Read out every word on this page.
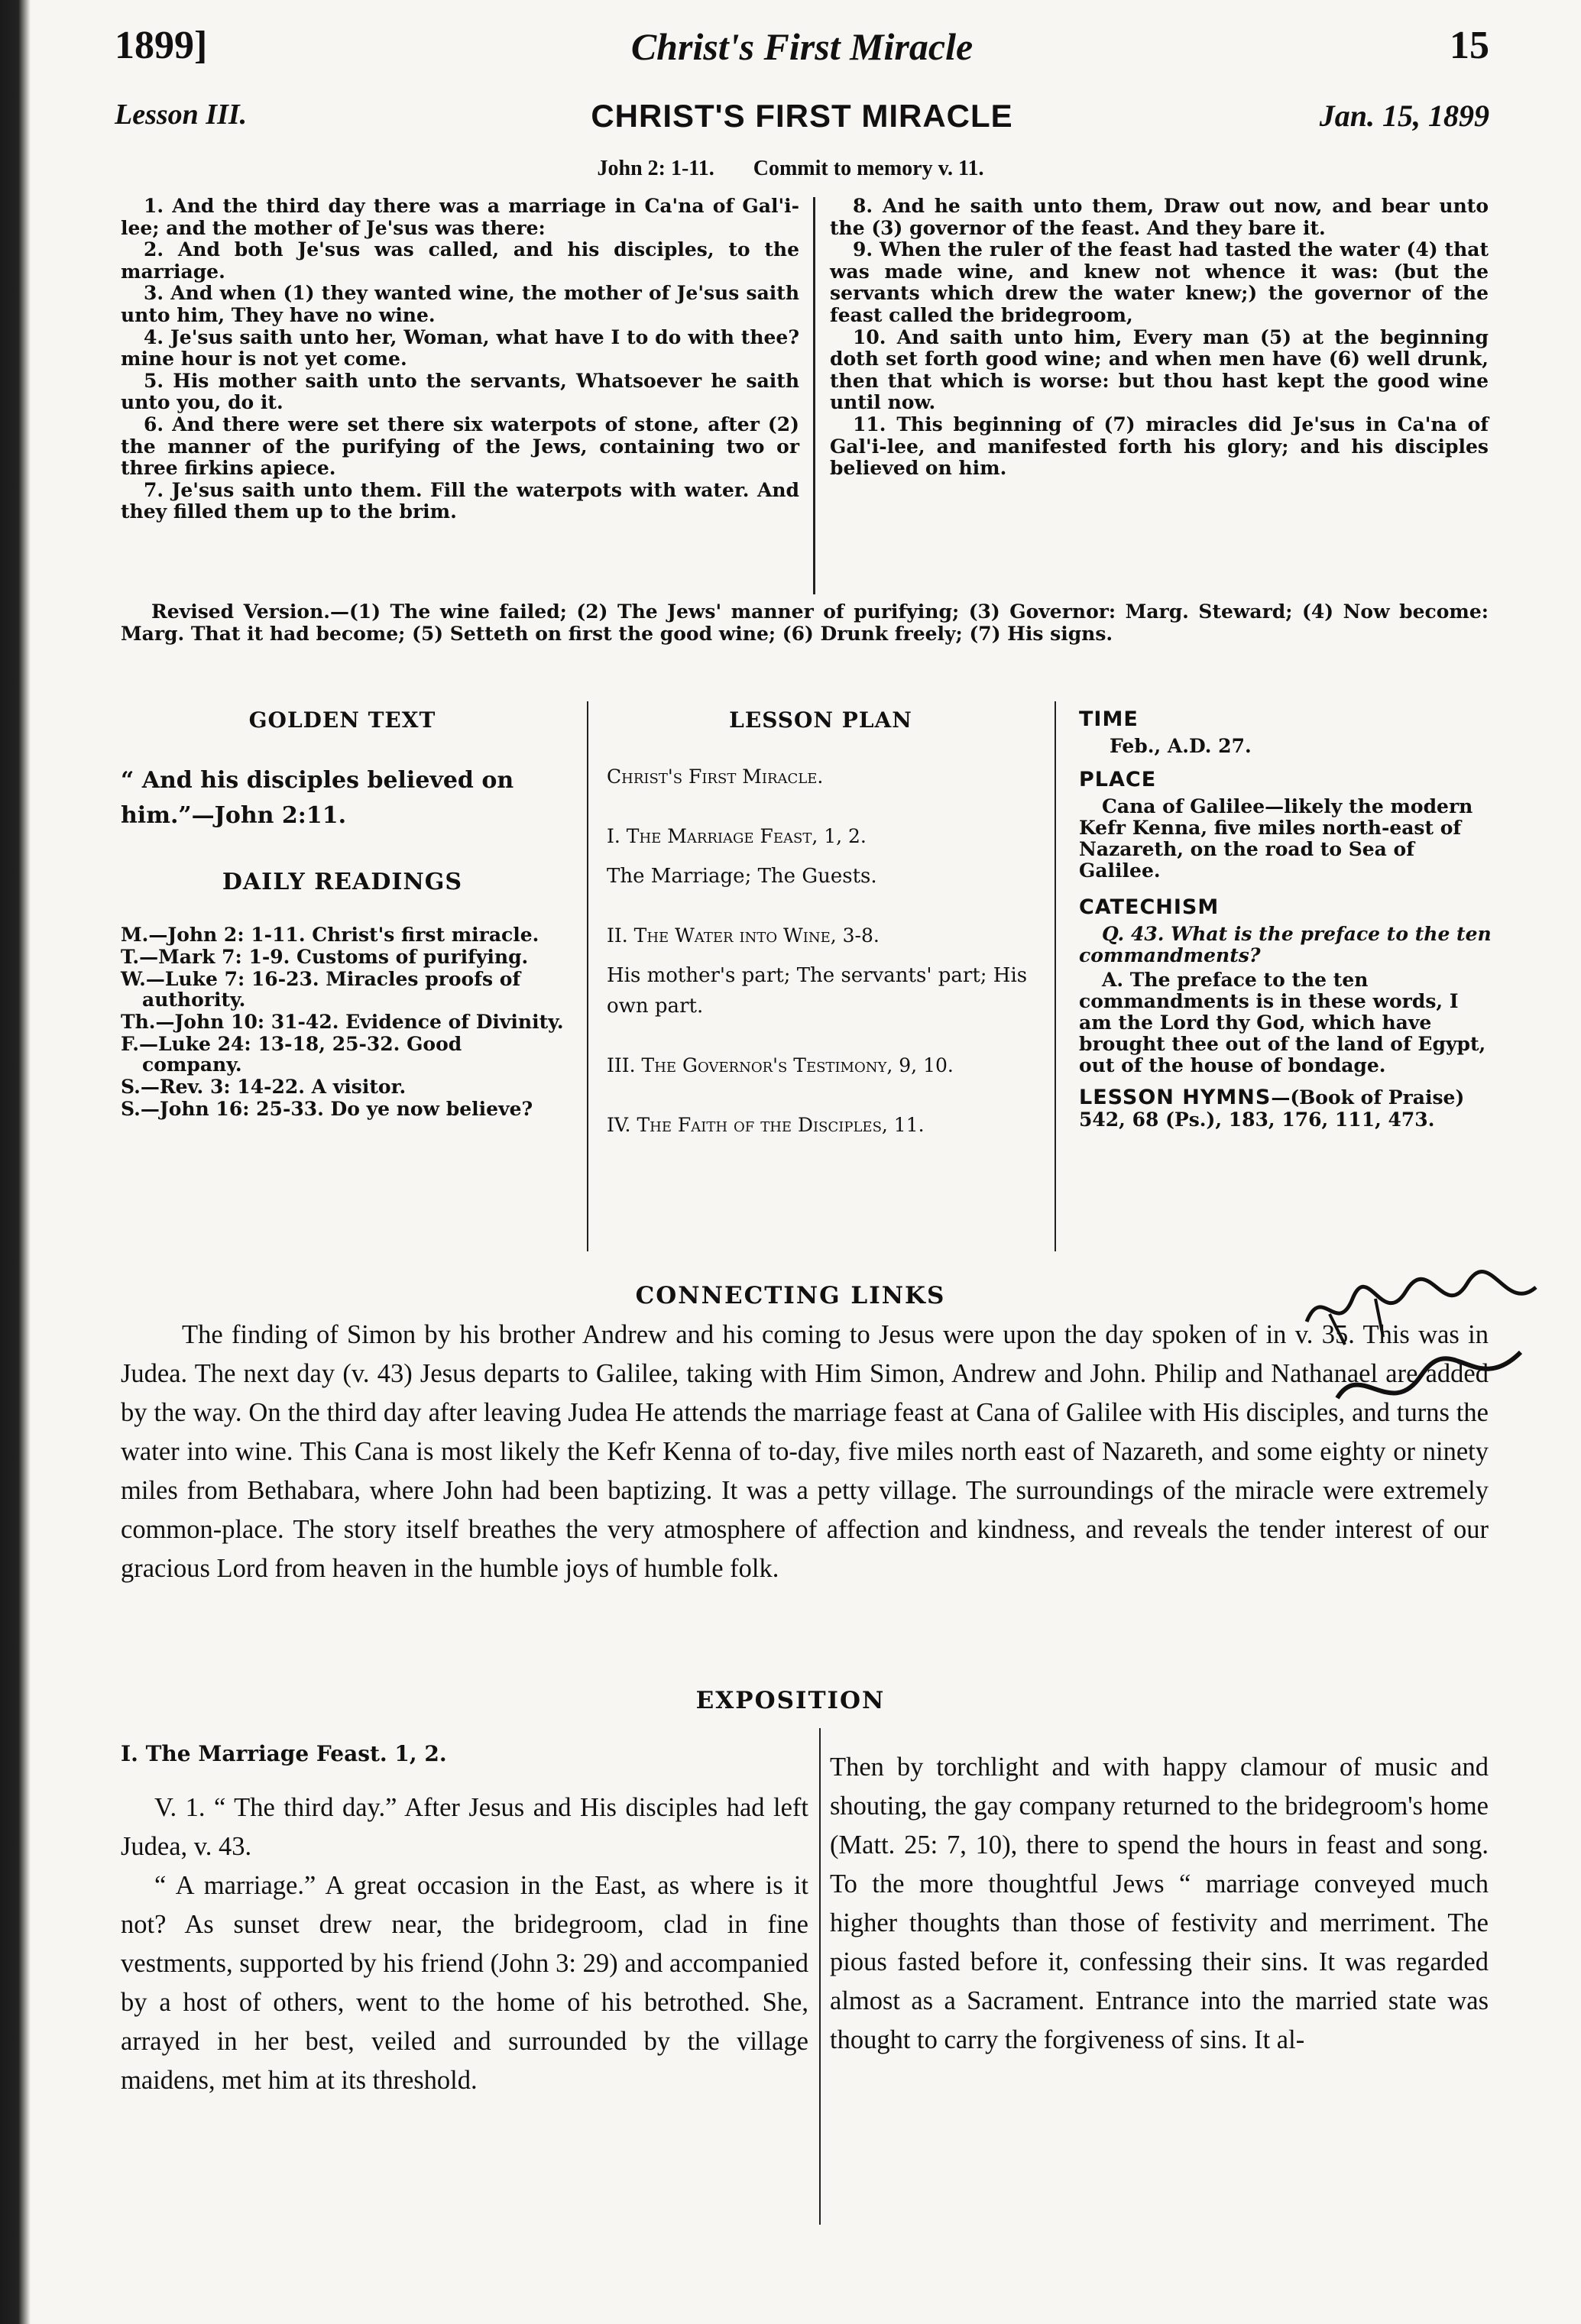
1899]	Christ's First Miracle	15
Lesson III.	CHRIST'S FIRST MIRACLE	Jan. 15, 1899
John 2: 1-11. Commit to memory v. 11.

1. And the third day there was a marriage in Ca'na of Gal'i-lee; and the mother of Je'sus was there:

2. And both Je'sus was called, and his disciples, to the marriage.

3. And when (1) they wanted wine, the mother of Je'sus saith unto him, They have no wine.

4. Je'sus saith unto her, Woman, what have I to do with thee? mine hour is not yet come.

5. His mother saith unto the servants, Whatsoever he saith unto you, do it.

6. And there were set there six waterpots of stone, after (2) the manner of the purifying of the Jews, containing two or three firkins apiece.

7. Je'sus saith unto them. Fill the waterpots with water. And they filled them up to the brim.

8. And he saith unto them, Draw out now, and bear unto the (3) governor of the feast. And they bare it.

9. When the ruler of the feast had tasted the water (4) that was made wine, and knew not whence it was: (but the servants which drew the water knew;) the governor of the feast called the bridegroom,

10. And saith unto him, Every man (5) at the beginning doth set forth good wine; and when men have (6) well drunk, then that which is worse: but thou hast kept the good wine until now.

11. This beginning of (7) miracles did Je'sus in Ca'na of Gal'i-lee, and manifested forth his glory; and his disciples believed on him.

Revised Version.—(1) The wine failed; (2) The Jews' manner of purifying; (3) Governor: Marg. Steward; (4) Now become: Marg. That it had become; (5) Setteth on first the good wine; (6) Drunk freely; (7) His signs.
GOLDEN TEXT
“ And his disciples believed on him.”—John 2:11.
DAILY READINGS
M.—John 2: 1-11. Christ's first miracle.
T.—Mark 7: 1-9. Customs of purifying.
W.—Luke 7: 16-23. Miracles proofs of authority.
Th.—John 10: 31-42. Evidence of Divinity.
F.—Luke 24: 13-18, 25-32. Good company.
S.—Rev. 3: 14-22. A visitor.
S.—John 16: 25-33. Do ye now believe?
LESSON PLAN
Christ's First Miracle.
I. The Marriage Feast, 1, 2.
The Marriage; The Guests.
II. The Water into Wine, 3-8.
His mother's part; The servants' part; His own part.
III. The Governor's Testimony, 9, 10.
IV. The Faith of the Disciples, 11.
TIME
Feb., A.D. 27.
PLACE
Cana of Galilee—likely the modern Kefr Kenna, five miles north-east of Nazareth, on the road to Sea of Galilee.
CATECHISM
Q. 43. What is the preface to the ten commandments?
A. The preface to the ten commandments is in these words, I am the Lord thy God, which have brought thee out of the land of Egypt, out of the house of bondage.
LESSON HYMNS—(Book of Praise) 542, 68 (Ps.), 183, 176, 111, 473.
CONNECTING LINKS

The finding of Simon by his brother Andrew and his coming to Jesus were upon the day spoken of in v. 35. This was in Judea. The next day (v. 43) Jesus departs to Galilee, taking with Him Simon, Andrew and John. Philip and Nathanael are added by the way. On the third day after leaving Judea He attends the marriage feast at Cana of Galilee with His disciples, and turns the water into wine. This Cana is most likely the Kefr Kenna of to-day, five miles north east of Nazareth, and some eighty or ninety miles from Bethabara, where John had been baptizing. It was a petty village. The surroundings of the miracle were extremely common-place. The story itself breathes the very atmosphere of affection and kindness, and reveals the tender interest of our gracious Lord from heaven in the humble joys of humble folk.

EXPOSITION
I. The Marriage Feast. 1, 2.

V. 1. “ The third day.” After Jesus and His disciples had left Judea, v. 43.

“ A marriage.” A great occasion in the East, as where is it not? As sunset drew near, the bridegroom, clad in fine vestments, supported by his friend (John 3: 29) and accompanied by a host of others, went to the home of his betrothed. She, arrayed in her best, veiled and surrounded by the village maidens, met him at its threshold.

Then by torchlight and with happy clamour of music and shouting, the gay company returned to the bridegroom's home (Matt. 25: 7, 10), there to spend the hours in feast and song. To the more thoughtful Jews “ marriage conveyed much higher thoughts than those of festivity and merriment. The pious fasted before it, confessing their sins. It was regarded almost as a Sacrament. Entrance into the married state was thought to carry the forgiveness of sins. It al-
